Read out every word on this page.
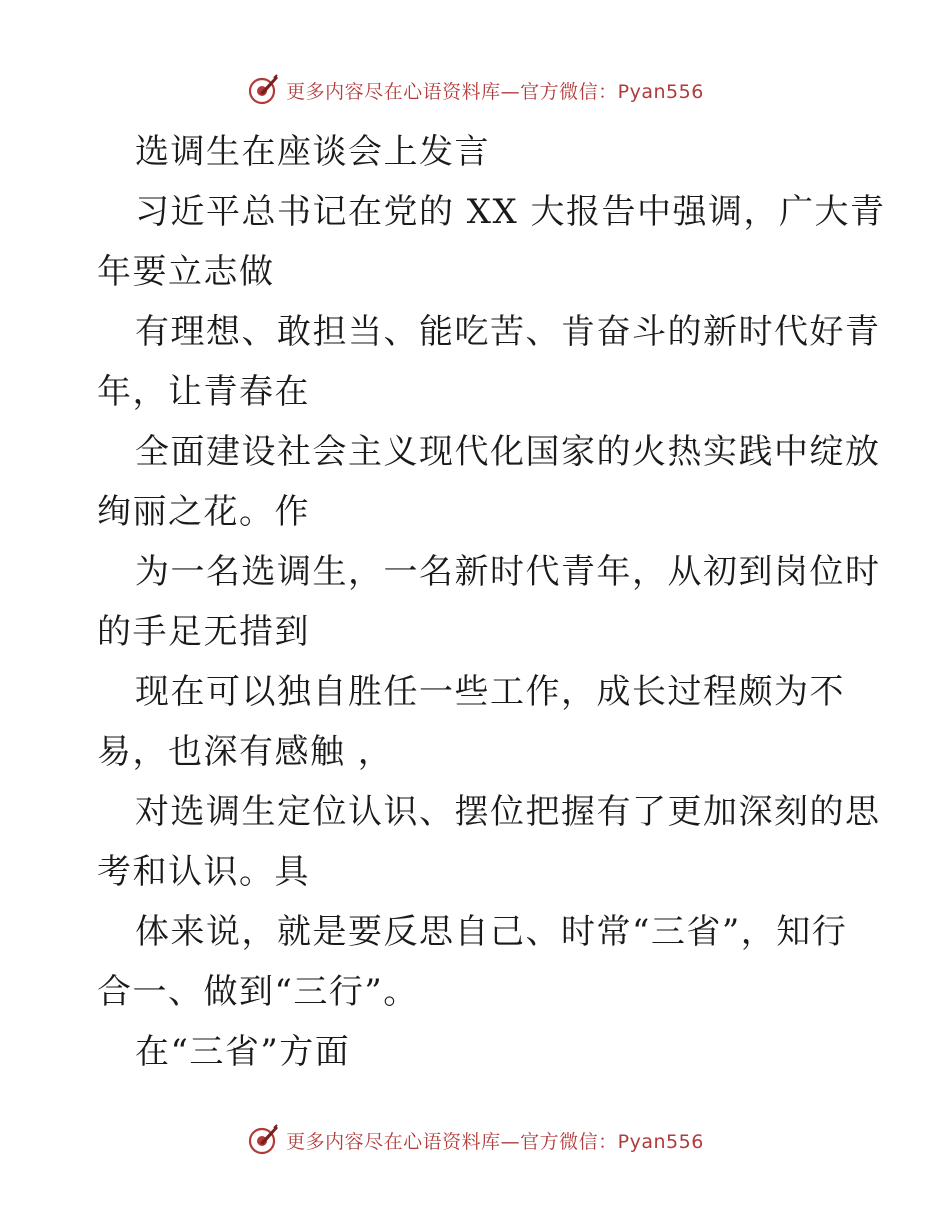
更多内容尽在心语资料库—官方微信：Pyan556
选调生在座谈会上发言
习近平总书记在党的 XX 大报告中强调，广大青
年要立志做
有理想、敢担当、能吃苦、肯奋斗的新时代好青
年，让青春在
全面建设社会主义现代化国家的火热实践中绽放
绚丽之花。作
为一名选调生，一名新时代青年，从初到岗位时
的手足无措到
现在可以独自胜任一些工作，成长过程颇为不
易，也深有感触 ，
对选调生定位认识、摆位把握有了更加深刻的思
考和认识。具
体来说，就是要反思自己、时常“三省”，知行
合一、做到“三行”。
在“三省”方面
更多内容尽在心语资料库—官方微信：Pyan556
